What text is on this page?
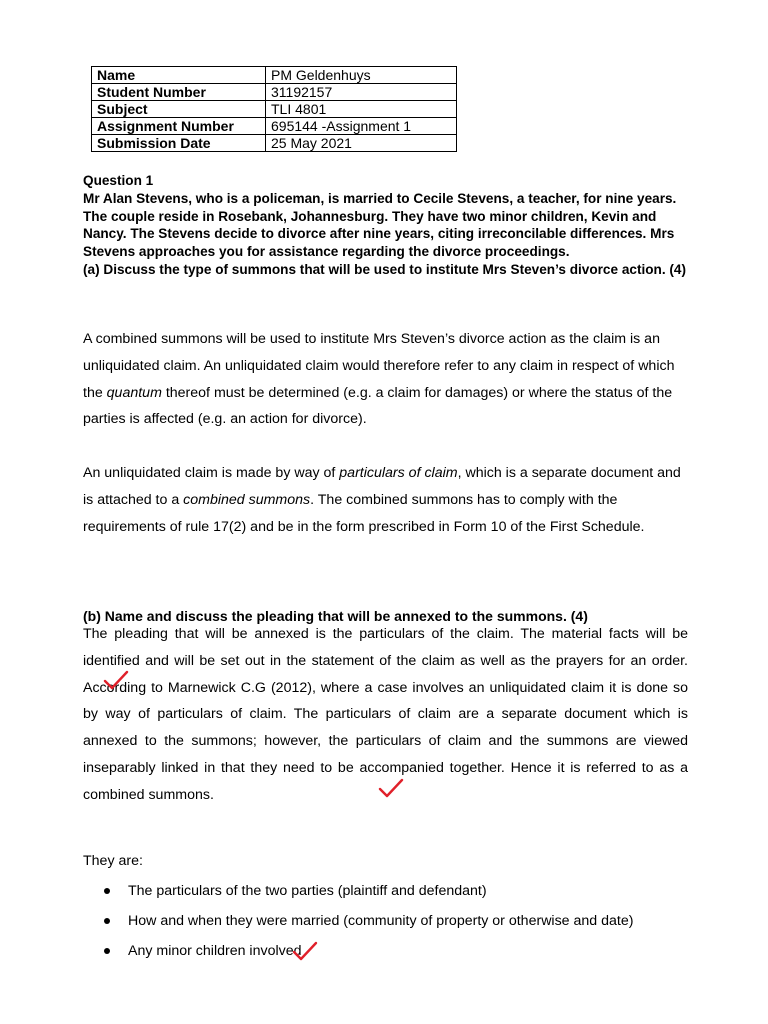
Name	PM Geldenhuys
Student Number	31192157
Subject	TLI 4801
Assignment Number	695144 -Assignment 1
Submission Date	25 May 2021
Question 1
Mr Alan Stevens, who is a policeman, is married to Cecile Stevens, a teacher, for nine years. The couple reside in Rosebank, Johannesburg. They have two minor children, Kevin and Nancy. The Stevens decide to divorce after nine years, citing irreconcilable differences. Mrs Stevens approaches you for assistance regarding the divorce proceedings.
(a) Discuss the type of summons that will be used to institute Mrs Steven’s divorce action. (4)
A combined summons will be used to institute Mrs Steven’s divorce action as the claim is an unliquidated claim. An unliquidated claim would therefore refer to any claim in respect of which the quantum thereof must be determined (e.g. a claim for damages) or where the status of the parties is affected (e.g. an action for divorce).
An unliquidated claim is made by way of particulars of claim, which is a separate document and is attached to a combined summons. The combined summons has to comply with the requirements of rule 17(2) and be in the form prescribed in Form 10 of the First Schedule.
(b) Name and discuss the pleading that will be annexed to the summons. (4)
The pleading that will be annexed is the particulars of the claim. The material facts will be identified and will be set out in the statement of the claim as well as the prayers for an order. According to Marnewick C.G (2012), where a case involves an unliquidated claim it is done so by way of particulars of claim. The particulars of claim are a separate document which is annexed to the summons; however, the particulars of claim and the summons are viewed inseparably linked in that they need to be accompanied together. Hence it is referred to as a combined summons.
They are:
The particulars of the two parties (plaintiff and defendant)
How and when they were married (community of property or otherwise and date)
Any minor children involved
